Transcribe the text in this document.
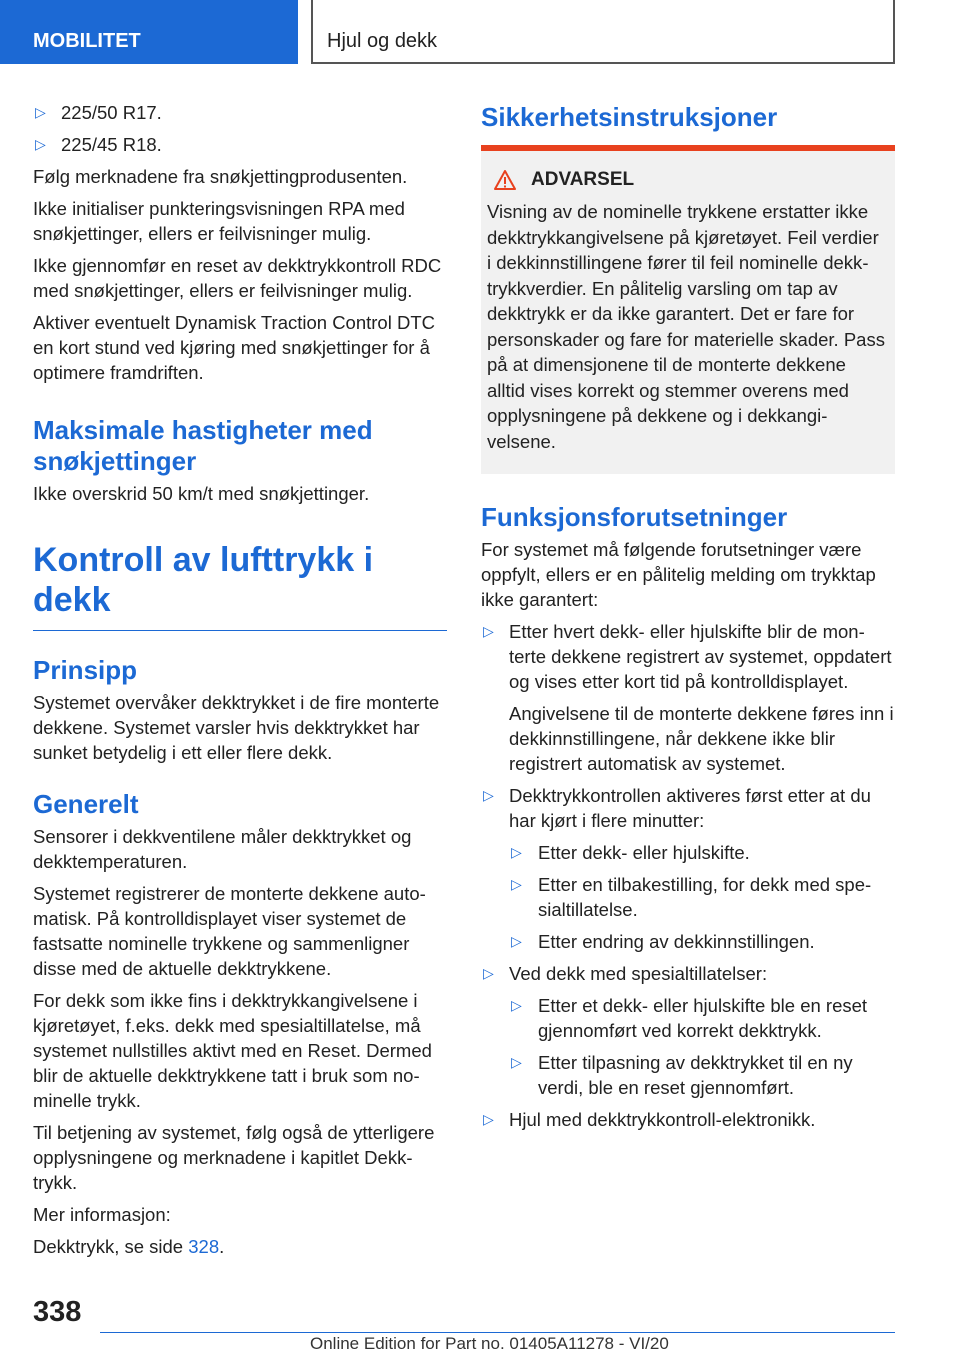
MOBILITET	Hjul og dekk
▷ 225/50 R17.
▷ 225/45 R18.

Følg merknadene fra snøkjettingprodusenten.

Ikke initialiser punkteringsvisningen RPA med snøkjettinger, ellers er feilvisninger mulig.

Ikke gjennomfør en reset av dekktrykkontroll RDC med snøkjettinger, ellers er feilvisninger mulig.

Aktiver eventuelt Dynamisk Traction Control DTC en kort stund ved kjøring med snøkjettinger for å optimere framdriften.

Maksimale hastigheter med snøkjettinger

Ikke overskrid 50 km/t med snøkjettinger.

Kontroll av lufttrykk i dekk
Prinsipp

Systemet overvåker dekktrykket i de fire monterte dekkene. Systemet varsler hvis dekktrykket har sunket betydelig i ett eller flere dekk.

Generelt

Sensorer i dekkventilene måler dekktrykket og dekktemperaturen.

Systemet registrerer de monterte dekkene automatisk. På kontrolldisplayet viser systemet de fastsatte nominelle trykkene og sammenligner disse med de aktuelle dekktrykkene.

For dekk som ikke fins i dekktrykkangivelsene i kjøretøyet, f.eks. dekk med spesialtillatelse, må systemet nullstilles aktivt med en Reset. Dermed blir de aktuelle dekktrykkene tatt i bruk som nominelle trykk.

Til betjening av systemet, følg også de ytterligere opplysningene og merknadene i kapitlet Dekktrykk.

Mer informasjon:

Dekktrykk, se side 328.

Sikkerhetsinstruksjoner
ADVARSEL

Visning av de nominelle trykkene erstatter ikke dekktrykkangivelsene på kjøretøyet. Feil verdier i dekkinnstillingene fører til feil nominelle dekktrykkverdier. En pålitelig varsling om tap av dekktrykk er da ikke garantert. Det er fare for personskader og fare for materielle skader. Pass på at dimensjonene til de monterte dekkene alltid vises korrekt og stemmer overens med opplysningene på dekkene og i dekkangivelsene.

Funksjonsforutsetninger

For systemet må følgende forutsetninger være oppfylt, ellers er en pålitelig melding om trykktap ikke garantert:

▷ Etter hvert dekk- eller hjulskifte blir de monterte dekkene registrert av systemet, oppdatert og vises etter kort tid på kontrolldisplayet.

Angivelsene til de monterte dekkene føres inn i dekkinnstillingene, når dekkene ikke blir registrert automatisk av systemet.

▷ Dekktrykkontrollen aktiveres først etter at du har kjørt i flere minutter:
▷ Etter dekk- eller hjulskifte.
▷ Etter en tilbakestilling, for dekk med spesialtillatelse.
▷ Etter endring av dekkinnstillingen.
▷ Ved dekk med spesialtillatelser:
▷ Etter et dekk- eller hjulskifte ble en reset gjennomført ved korrekt dekktrykk.
▷ Etter tilpasning av dekktrykket til en ny verdi, ble en reset gjennomført.
▷ Hjul med dekktrykkontroll-elektronikk.
338
Online Edition for Part no. 01405A11278 - VI/20
